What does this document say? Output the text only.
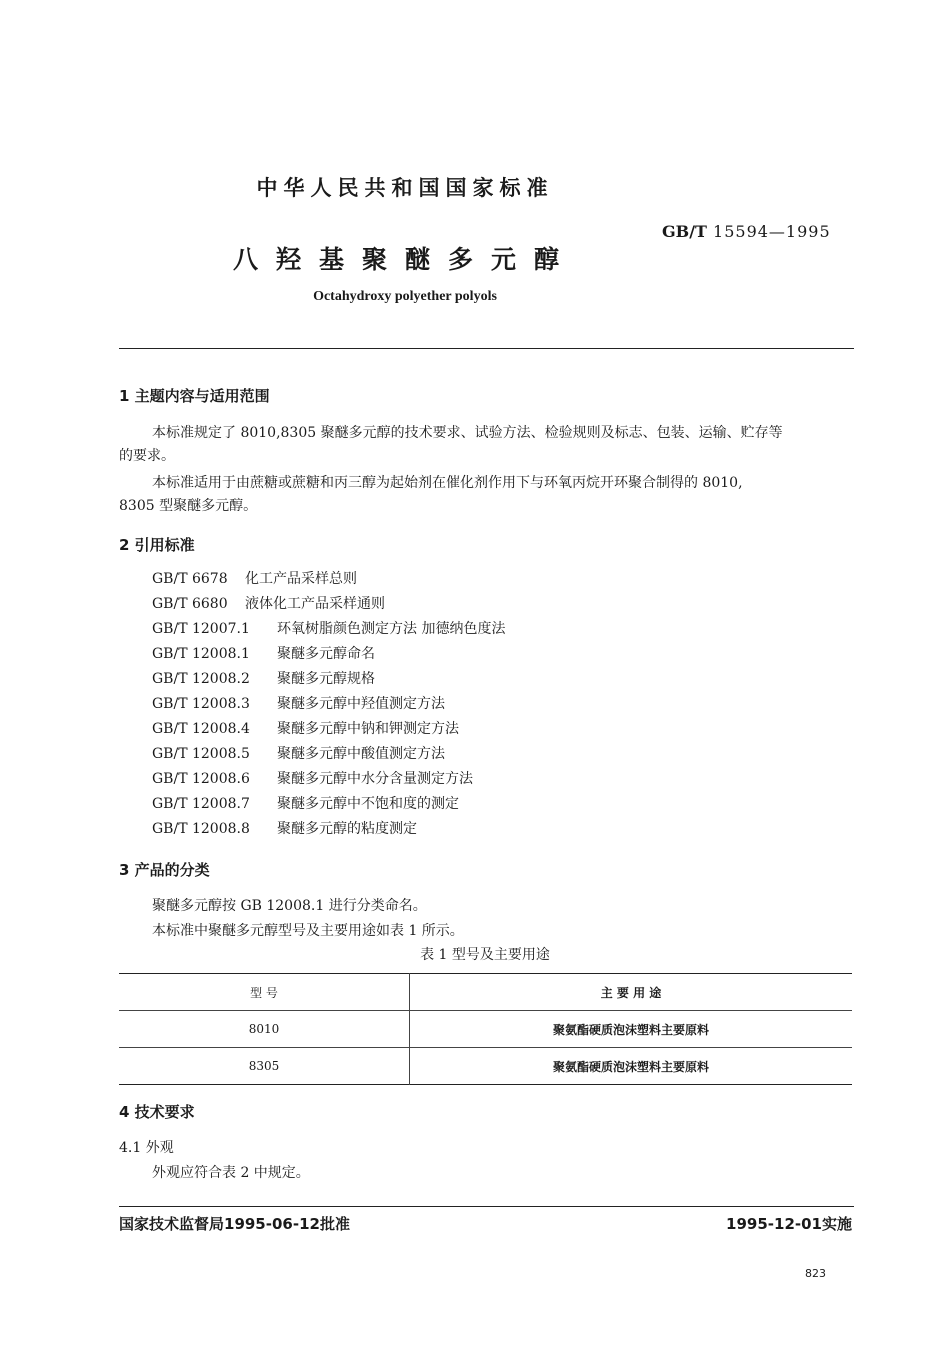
中华人民共和国国家标准
GB/T 15594—1995
八羟基聚醚多元醇
Octahydroxy polyether polyols
1 主题内容与适用范围
本标准规定了 8010,8305 聚醚多元醇的技术要求、试验方法、检验规则及标志、包装、运输、贮存等
的要求。
本标准适用于由蔗糖或蔗糖和丙三醇为起始剂在催化剂作用下与环氧丙烷开环聚合制得的 8010,
8305 型聚醚多元醇。
2 引用标准
GB/T 6678 化工产品采样总则
GB/T 6680 液体化工产品采样通则
GB/T 12007.1 环氧树脂颜色测定方法 加德纳色度法
GB/T 12008.1 聚醚多元醇命名
GB/T 12008.2 聚醚多元醇规格
GB/T 12008.3 聚醚多元醇中羟值测定方法
GB/T 12008.4 聚醚多元醇中钠和钾测定方法
GB/T 12008.5 聚醚多元醇中酸值测定方法
GB/T 12008.6 聚醚多元醇中水分含量测定方法
GB/T 12008.7 聚醚多元醇中不饱和度的测定
GB/T 12008.8 聚醚多元醇的粘度测定
3 产品的分类
聚醚多元醇按 GB 12008.1 进行分类命名。
本标准中聚醚多元醇型号及主要用途如表 1 所示。
表 1 型号及主要用途
型 号	主 要 用 途
8010	聚氨酯硬质泡沫塑料主要原料
8305	聚氨酯硬质泡沫塑料主要原料
4 技术要求
4.1 外观
外观应符合表 2 中规定。
国家技术监督局1995-06-12批准	1995-12-01实施
823
